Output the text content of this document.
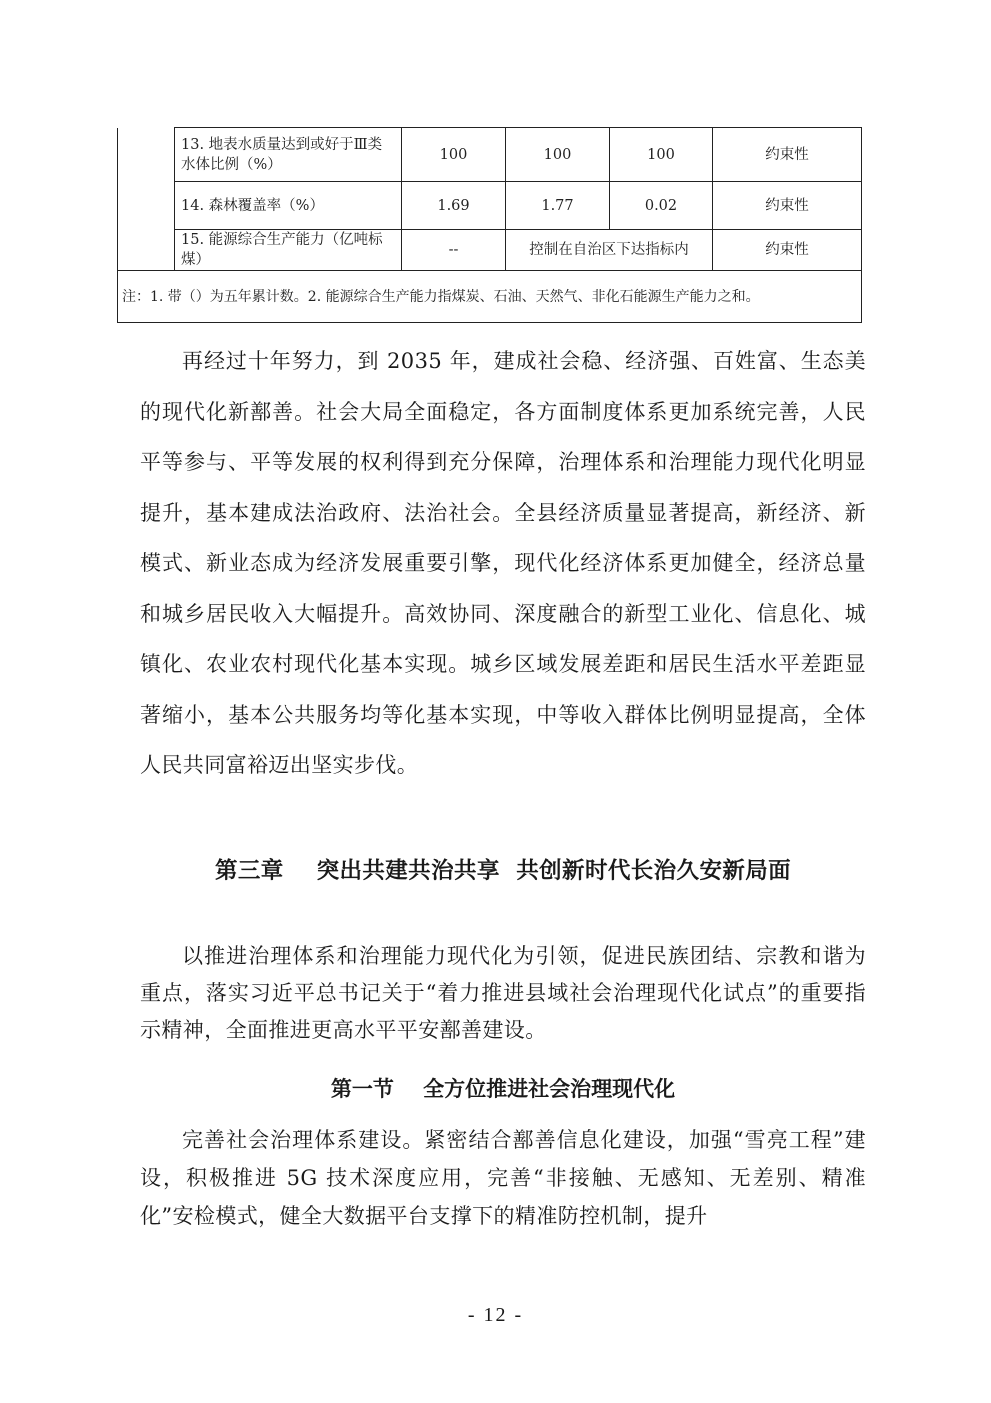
	13. 地表水质量达到或好于Ⅲ类水体比例（%）	100	100	100	约束性
	14. 森林覆盖率（%）	1.69	1.77	0.02	约束性
	15. 能源综合生产能力（亿吨标煤）	--	控制在自治区下达指标内		约束性
注：1. 带（）为五年累计数。2. 能源综合生产能力指煤炭、石油、天然气、非化石能源生产能力之和。					

再经过十年努力，到 2035 年，建成社会稳、经济强、百姓富、生态美的现代化新鄯善。社会大局全面稳定，各方面制度体系更加系统完善，人民平等参与、平等发展的权利得到充分保障，治理体系和治理能力现代化明显提升，基本建成法治政府、法治社会。全县经济质量显著提高，新经济、新模式、新业态成为经济发展重要引擎，现代化经济体系更加健全，经济总量和城乡居民收入大幅提升。高效协同、深度融合的新型工业化、信息化、城镇化、农业农村现代化基本实现。城乡区域发展差距和居民生活水平差距显著缩小，基本公共服务均等化基本实现，中等收入群体比例明显提高，全体人民共同富裕迈出坚实步伐。

第三章    突出共建共治共享  共创新时代长治久安新局面

以推进治理体系和治理能力现代化为引领，促进民族团结、宗教和谐为重点，落实习近平总书记关于“着力推进县域社会治理现代化试点”的重要指示精神，全面推进更高水平平安鄯善建设。

第一节    全方位推进社会治理现代化

完善社会治理体系建设。紧密结合鄯善信息化建设，加强“雪亮工程”建设，积极推进 5G 技术深度应用，完善“非接触、无感知、无差别、精准化”安检模式，健全大数据平台支撑下的精准防控机制，提升

- 12 -
